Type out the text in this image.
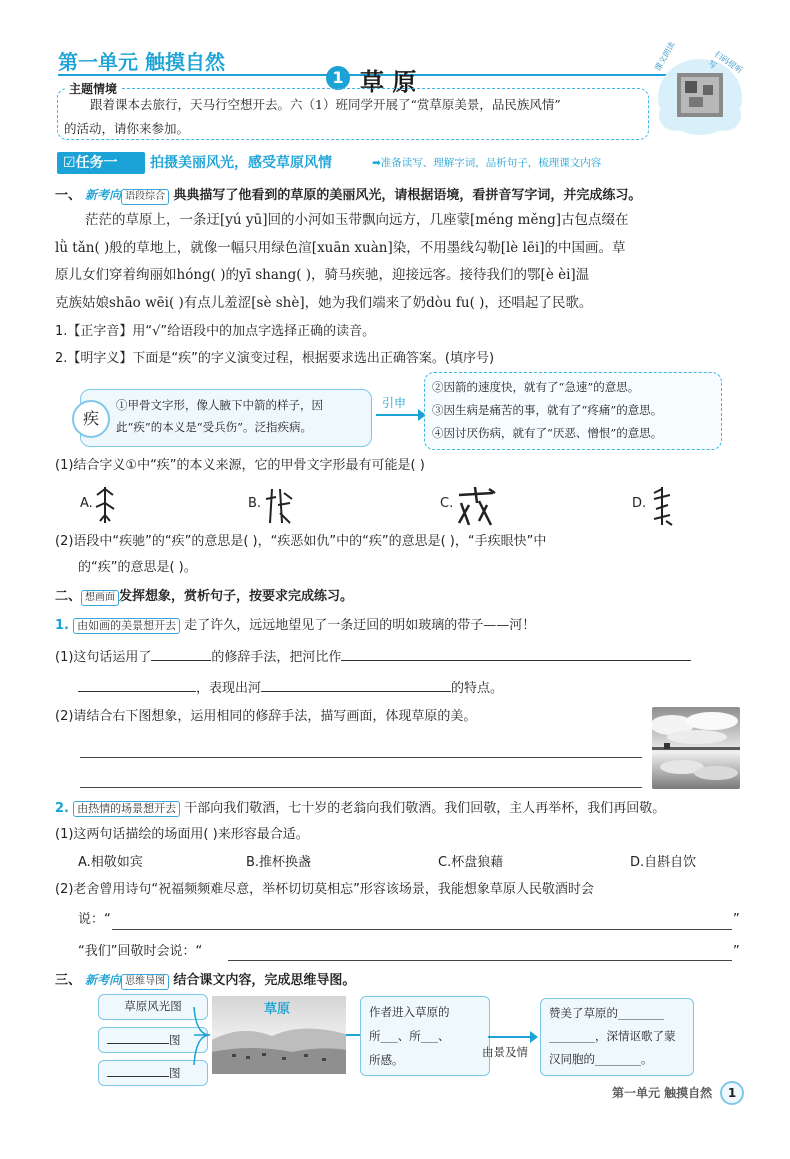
第一单元 触摸自然
1 草 原
课文朗读	扫码提听写
主题情境
跟着课本去旅行，天马行空想开去。六（1）班同学开展了“赏草原美景，品民族风情”
的活动，请你来参加。
☑任务一	拍摄美丽风光，感受草原风情	➡准备读写、理解字词，品析句子，梳理课文内容
一、 新考向 语段综合 典典描写了他看到的草原的美丽风光，请根据语境，看拼音写字词，并完成练习。
茫茫的草原上，一条迂[yú yū]回的小河如玉带飘向远方，几座蒙[méng měng]古包点缀在
lǜ tǎn( )般的草地上，就像一幅只用绿色渲[xuān xuàn]染，不用墨线勾勒[lè lēi]的中国画。草
原儿女们穿着绚丽如hóng( )的yī shang( )，骑马疾驰，迎接远客。接待我们的鄂[è èi]温
克族姑娘shāo wēi( )有点儿羞涩[sè shè]，她为我们端来了奶dòu fu( )，还唱起了民歌。
1.【正字音】用“√”给语段中的加点字选择正确的读音。
2.【明字义】下面是“疾”的字义演变过程，根据要求选出正确答案。(填序号)
疾
①甲骨文字形，像人腋下中箭的样子，因
此“疾”的本义是“受兵伤”。泛指疾病。
引申
②因箭的速度快，就有了“急速”的意思。
③因生病是痛苦的事，就有了“疼痛”的意思。
④因讨厌伤病，就有了“厌恶、憎恨”的意思。
(1)结合字义①中“疾”的本义来源，它的甲骨文字形最有可能是( )
A.	B.	C.	D.
(2)语段中“疾驰”的“疾”的意思是( )，“疾恶如仇”中的“疾”的意思是( )，“手疾眼快”中
的“疾”的意思是( )。
二、 想画面 发挥想象，赏析句子，按要求完成练习。
1. 由如画的美景想开去 走了许久，远远地望见了一条迂回的明如玻璃的带子——河！
(1)这句话运用了	的修辞手法，把河比作
，表现出河	的特点。
(2)请结合右下图想象，运用相同的修辞手法，描写画面，体现草原的美。
2. 由热情的场景想开去 干部向我们敬酒，七十岁的老翁向我们敬酒。我们回敬，主人再举杯，我们再回敬。
(1)这两句话描绘的场面用( )来形容最合适。
A.相敬如宾	B.推杯换盏	C.杯盘狼藉	D.自斟自饮
(2)老舍曾用诗句“祝福频频难尽意，举杯切切莫相忘”形容该场景，我能想象草原人民敬酒时会
说：“	”
“我们”回敬时会说：“	”
三、 新考向 思维导图 结合课文内容，完成思维导图。
草原风光图
图
图
草原	作者进入草原的
所___、所___、
所感。
由景及情
赞美了草原的________
________，深情讴歌了蒙
汉同胞的________。
第一单元 触摸自然	1
